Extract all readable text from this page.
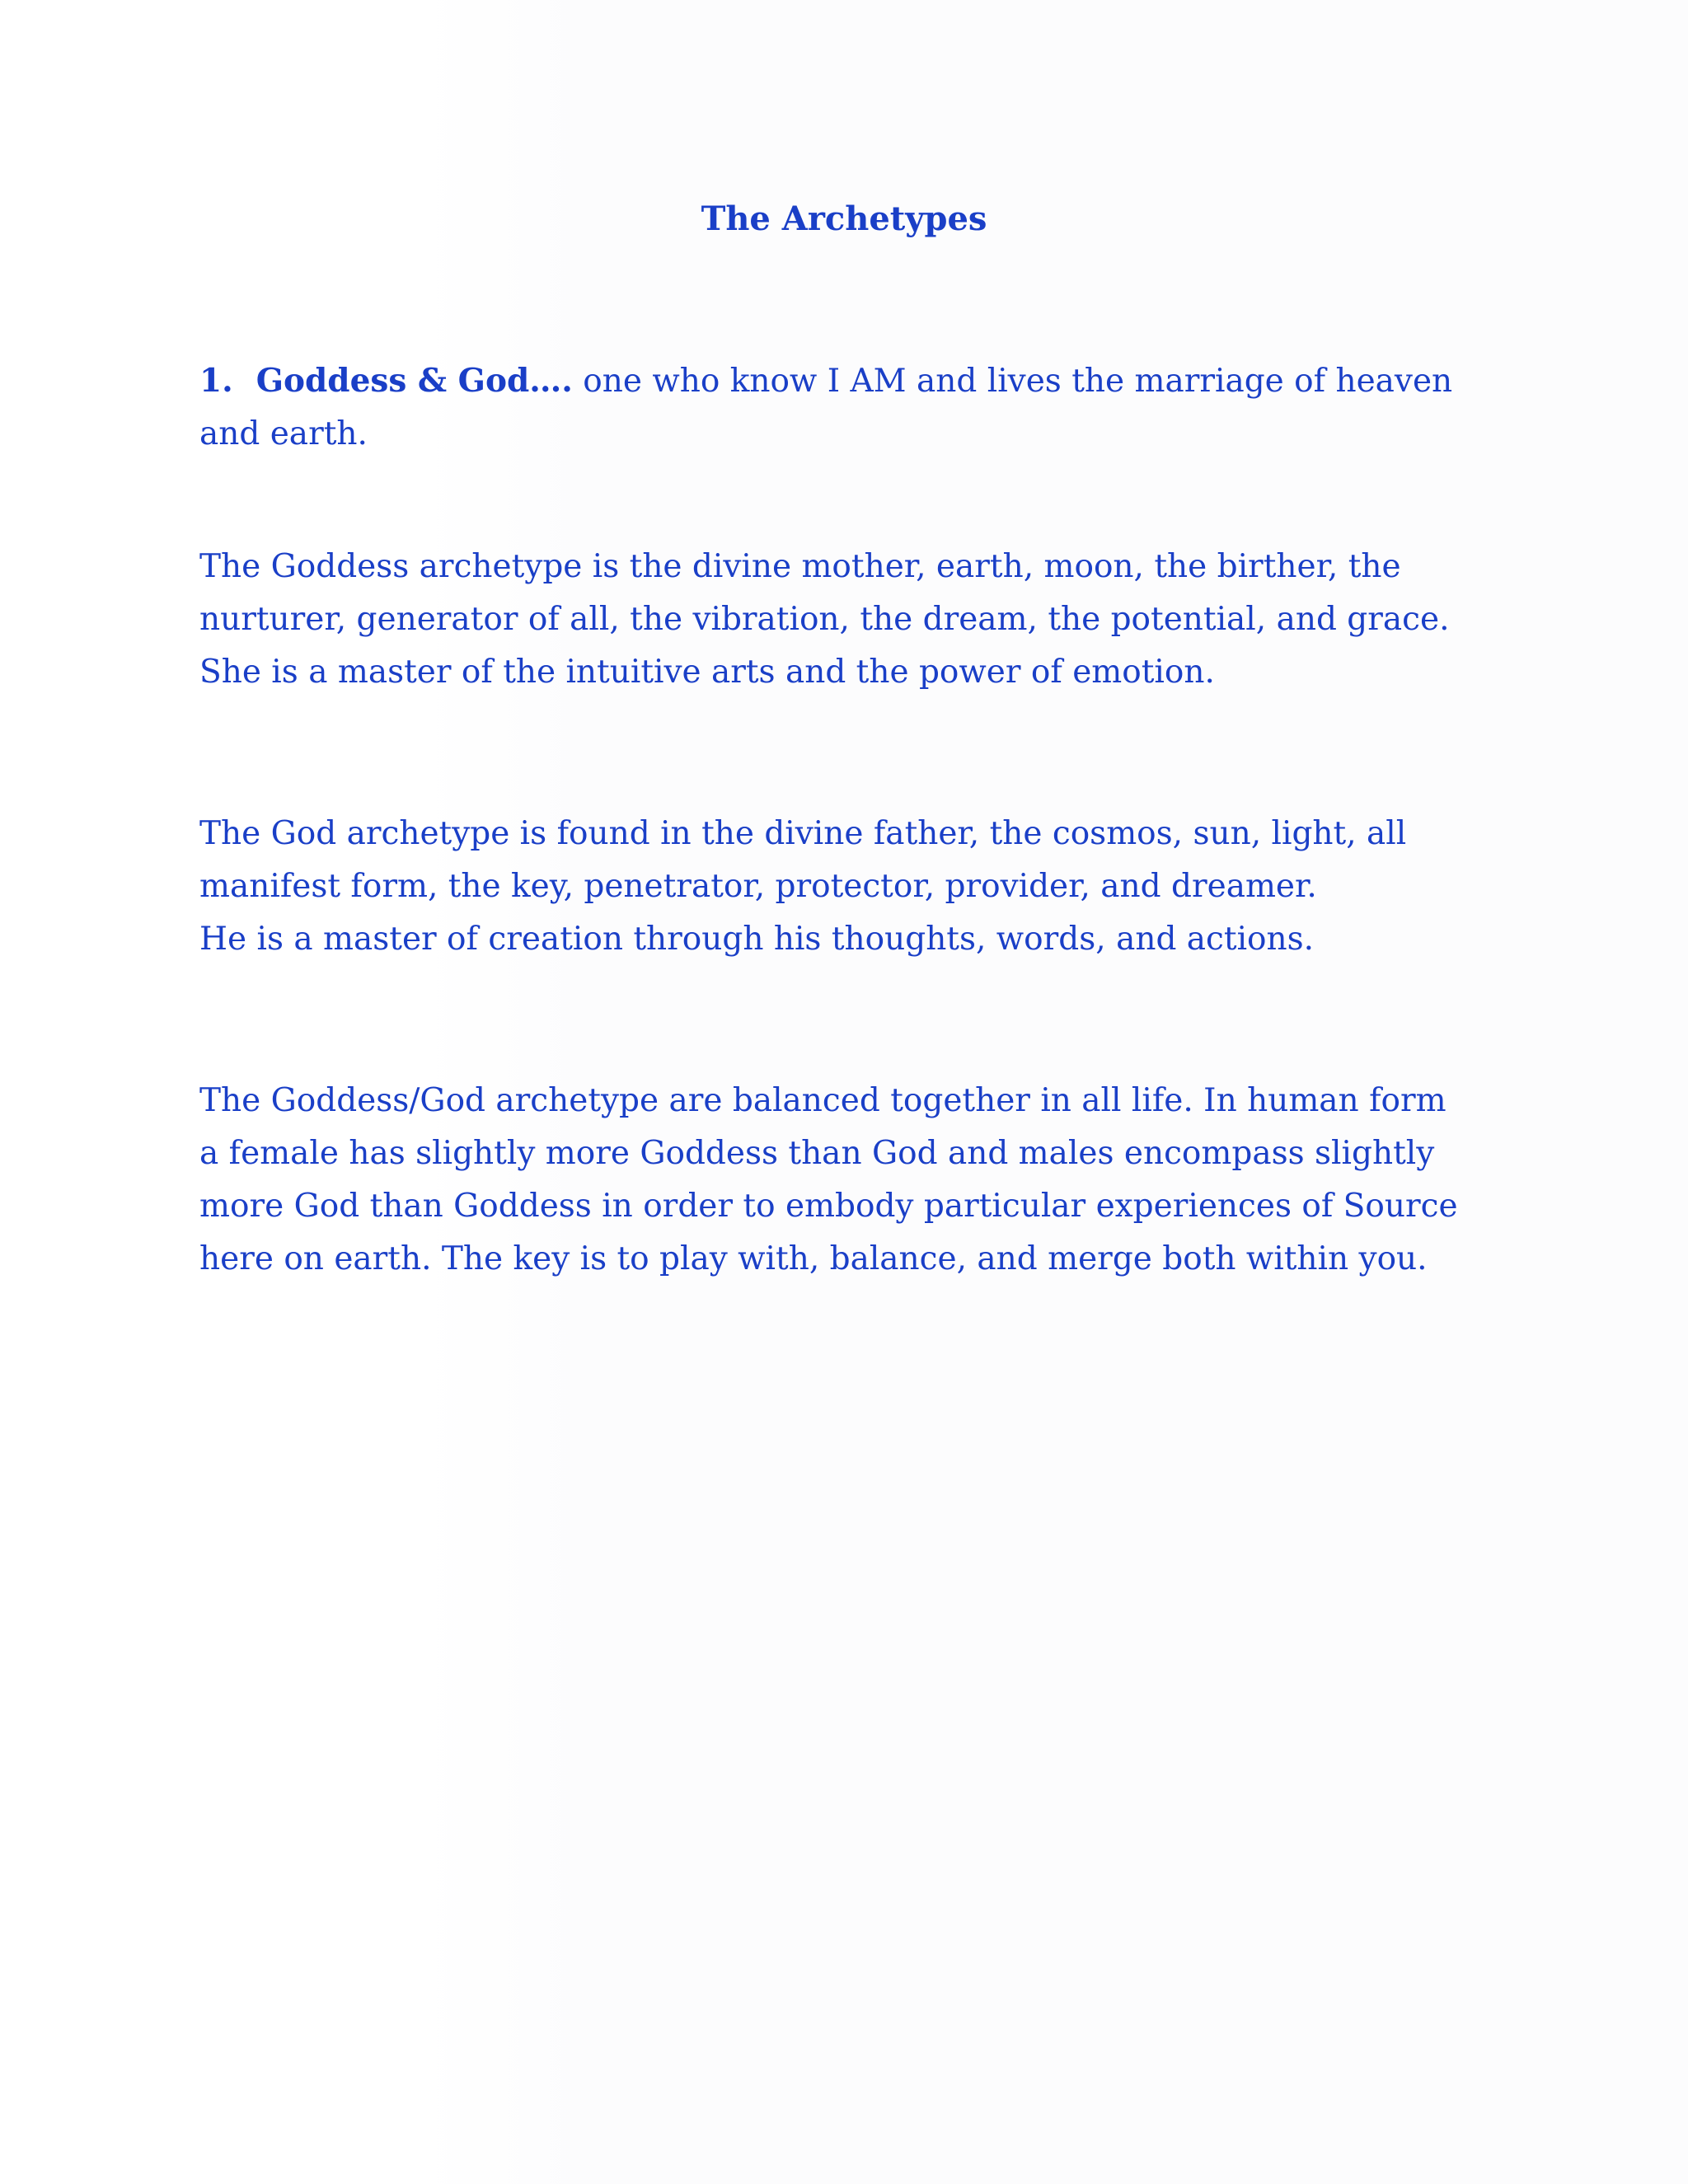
The Archetypes

1. Goddess & God…. one who know I AM and lives the marriage of heaven
and earth.

The Goddess archetype is the divine mother, earth, moon, the birther, the
nurturer, generator of all, the vibration, the dream, the potential, and grace.
She is a master of the intuitive arts and the power of emotion.

The God archetype is found in the divine father, the cosmos, sun, light, all
manifest form, the key, penetrator, protector, provider, and dreamer.
He is a master of creation through his thoughts, words, and actions.

The Goddess/God archetype are balanced together in all life. In human form
a female has slightly more Goddess than God and males encompass slightly
more God than Goddess in order to embody particular experiences of Source
here on earth. The key is to play with, balance, and merge both within you.
